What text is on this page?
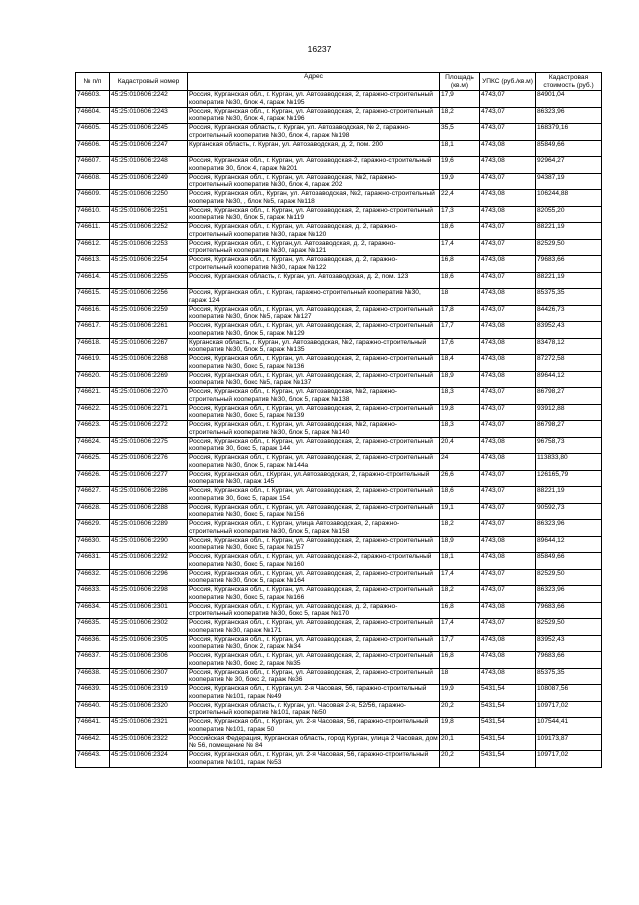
16237
№ п/п	Кадастровый номер	Адрес	Площадь (кв.м)	УПКС (руб./кв.м)	Кадастровая стоимость (руб.)
746603.	45:25:010606:2242	Россия, Курганская обл., г. Курган, ул. Автозаводская, 2, гаражно-строительный кооператив №30, блок 4, гараж №195	17,9	4743,07	84901,04
746604.	45:25:010606:2243	Россия, Курганская обл., г. Курган, ул. Автозаводская, 2, гаражно-строительный кооператив №30, блок 4, гараж №196	18,2	4743,07	86323,96
746605.	45:25:010606:2245	Россия, Курганская область, г. Курган, ул. Автозаводская, № 2, гаражно-строительный кооператив №30, блок 4, гараж №198	35,5	4743,07	168379,16
746606.	45:25:010606:2247	Курганская область, г. Курган, ул. Автозаводская, д. 2, пом. 200	18,1	4743,08	85849,66
746607.	45:25:010606:2248	Россия, Курганская обл., г. Курган, ул. Автозаводская-2, гаражно-строительный кооператив 30, блок 4, гараж №201	19,6	4743,08	92964,27
746608.	45:25:010606:2249	Россия, Курганская обл., г. Курган, ул. Автозаводская, №2, гаражно-строительный кооператив №30, блок 4, гараж 202	19,9	4743,07	94387,19
746609.	45:25:010606:2250	Россия, Курганская обл., Курган, ул. Автозаводская, №2, гаражно-строительный кооператив №30, , блок №5, гараж №118	22,4	4743,08	106244,88
746610.	45:25:010606:2251	Россия, Курганская обл., г. Курган, ул. Автозаводская, 2, гаражно-строительный кооператив №30, блок 5, гараж №119	17,3	4743,08	82055,20
746611.	45:25:010606:2252	Россия, Курганская обл., г. Курган, ул. Автозаводская, д. 2, гаражно-строительный кооператив №30, гараж №120	18,6	4743,07	88221,19
746612.	45:25:010606:2253	Россия, Курганская обл., г. Курган,ул. Автозаводская, д. 2, гаражно-строительный кооператив №30, гараж №121	17,4	4743,07	82529,50
746613.	45:25:010606:2254	Россия, Курганская обл., г. Курган, ул. Автозаводская, д. 2, гаражно-строительный кооператив №30, гараж №122	16,8	4743,08	79683,66
746614.	45:25:010606:2255	Россия, Курганская область, г. Курган, ул. Автозаводская, д. 2, пом. 123	18,6	4743,07	88221,19
746615.	45:25:010606:2256	Россия, Курганская обл., г. Курган, гаражно-строительный кооператив №30, гараж 124	18	4743,08	85375,35
746616.	45:25:010606:2259	Россия, Курганская обл., г. Курган, ул. Автозаводская, 2, гаражно-строительный кооператив №30, блок №5, гараж №127	17,8	4743,07	84426,73
746617.	45:25:010606:2261	Россия, Курганская обл., г. Курган, ул. Автозаводская, 2, гаражно-строительный кооператив №30, блок 5, гараж №129	17,7	4743,08	83952,43
746618.	45:25:010606:2267	Курганская область, г. Курган, ул. Автозаводская, №2, гаражно-строительный кооператив №30, блок 5, гараж №135	17,6	4743,08	83478,12
746619.	45:25:010606:2268	Россия, Курганская обл., г. Курган, ул. Автозаводская, 2, гаражно-строительный кооператив №30, бокс 5, гараж №136	18,4	4743,08	87272,58
746620.	45:25:010606:2269	Россия, Курганская обл., г. Курган, ул. Автозаводская, 2, гаражно-строительный кооператив №30, бокс №5, гараж №137	18,9	4743,08	89644,12
746621.	45:25:010606:2270	Россия, Курганская обл., г. Курган, ул. Автозаводская, №2, гаражно-строительный кооператив №30, блок 5, гараж №138	18,3	4743,07	86798,27
746622.	45:25:010606:2271	Россия, Курганская обл., г. Курган, ул. Автозаводская, 2, гаражно-строительный кооператив №30, бокс 5, гараж №139	19,8	4743,07	93912,88
746623.	45:25:010606:2272	Россия, Курганская обл., г. Курган, ул. Автозаводская, №2, гаражно-строительный кооператив №30, блок 5, гараж №140	18,3	4743,07	86798,27
746624.	45:25:010606:2275	Россия, Курганская обл., г. Курган, ул. Автозаводская, 2, гаражно-строительный кооператив 30, бокс 5, гараж 144	20,4	4743,08	96758,73
746625.	45:25:010606:2276	Россия, Курганская обл., г. Курган, ул. Автозаводская, 2, гаражно-строительный кооператив №30, блок 5, гараж №144а	24	4743,08	113833,80
746626.	45:25:010606:2277	Россия, Курганская обл., г.Курган, ул.Автозаводская, 2, гаражно-строительный кооператив №30, гараж 145	26,6	4743,07	126165,79
746627.	45:25:010606:2286	Россия, Курганская обл., г. Курган, ул. Автозаводская, 2, гаражно-строительный кооператив 30, бокс 5, гараж 154	18,6	4743,07	88221,19
746628.	45:25:010606:2288	Россия, Курганская обл., г. Курган, ул. Автозаводская, 2, гаражно-строительный кооператив №30, бокс 5, гараж №156	19,1	4743,07	90592,73
746629.	45:25:010606:2289	Россия, Курганская обл., г. Курган, улица Автозаводская, 2, гаражно-строительный кооператив №30, блок 5, гараж №158	18,2	4743,07	86323,96
746630.	45:25:010606:2290	Россия, Курганская обл., г. Курган, ул. Автозаводская, 2, гаражно-строительный кооператив №30, бокс 5, гараж №157	18,9	4743,08	89644,12
746631.	45:25:010606:2292	Россия, Курганская обл., г. Курган, ул. Автозаводская-2, гаражно-строительный кооператив №30, бокс 5, гараж №160	18,1	4743,08	85849,66
746632.	45:25:010606:2296	Россия, Курганская обл., г. Курган, ул. Автозаводская, 2, гаражно-строительный кооператив №30, блок 5, гараж №164	17,4	4743,07	82529,50
746633.	45:25:010606:2298	Россия, Курганская обл., г. Курган, ул. Автозаводская, 2, гаражно-строительный кооператив №30, бокс 5, гараж №166	18,2	4743,07	86323,96
746634.	45:25:010606:2301	Россия, Курганская обл., г. Курган, ул. Автозаводская, д. 2, гаражно-строительный кооператив №30, бокс 5, гараж №170	16,8	4743,08	79683,66
746635.	45:25:010606:2302	Россия, Курганская обл., г. Курган, ул. Автозаводская, 2, гаражно-строительный кооператив №30, гараж №171	17,4	4743,07	82529,50
746636.	45:25:010606:2305	Россия, Курганская обл., г. Курган, ул. Автозаводская, 2, гаражно-строительный кооператив №30, блок 2, гараж №34	17,7	4743,08	83952,43
746637.	45:25:010606:2306	Россия, Курганская обл., г. Курган, ул. Автозаводская, 2, гаражно-строительный кооператив №30, бокс 2, гараж №35	16,8	4743,08	79683,66
746638.	45:25:010606:2307	Россия, Курганская обл., г. Курган, ул. Автозаводская, 2, гаражно-строительный кооператив № 30, бокс 2, гараж №36	18	4743,08	85375,35
746639.	45:25:010606:2319	Россия, Курганская обл., г. Курган,ул. 2-я Часовая, 56, гаражно-строительный кооператив №101, гараж №49	19,9	5431,54	108087,56
746640.	45:25:010606:2320	Россия, Курганская область, г. Курган, ул. Часовая 2-я, 52/56, гаражно-строительный кооператив №101, гараж №50	20,2	5431,54	109717,02
746641.	45:25:010606:2321	Россия, Курганская обл., г. Курган, ул. 2-я Часовая, 56, гаражно-строительный кооператив №101, гараж 50	19,8	5431,54	107544,41
746642.	45:25:010606:2322	Российская Федерация, Курганская область, город Курган, улица 2 Часовая, дом № 56, помещение № 84	20,1	5431,54	109173,87
746643.	45:25:010606:2324	Россия, Курганская обл., г. Курган, ул. 2-я Часовая, 56, гаражно-строительный кооператив №101, гараж №53	20,2	5431,54	109717,02
